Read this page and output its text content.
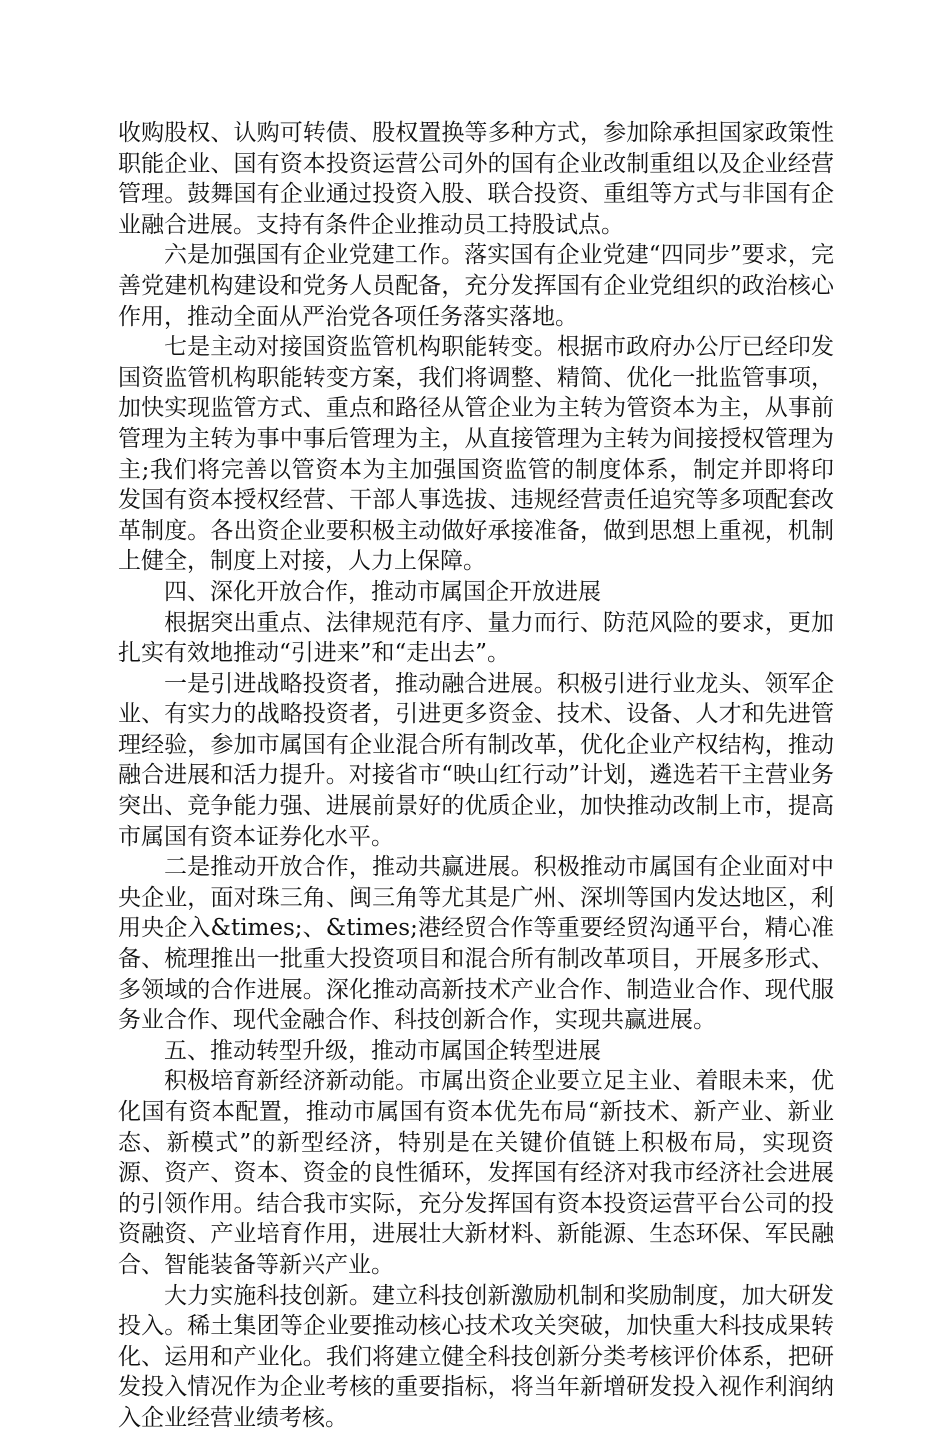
收购股权、认购可转债、股权置换等多种方式，参加除承担国家政策性职能企业、国有资本投资运营公司外的国有企业改制重组以及企业经营管理。鼓舞国有企业通过投资入股、联合投资、重组等方式与非国有企业融合进展。支持有条件企业推动员工持股试点。

六是加强国有企业党建工作。落实国有企业党建“四同步”要求，完善党建机构建设和党务人员配备，充分发挥国有企业党组织的政治核心作用，推动全面从严治党各项任务落实落地。

七是主动对接国资监管机构职能转变。根据市政府办公厅已经印发国资监管机构职能转变方案，我们将调整、精简、优化一批监管事项，加快实现监管方式、重点和路径从管企业为主转为管资本为主，从事前管理为主转为事中事后管理为主，从直接管理为主转为间接授权管理为主;我们将完善以管资本为主加强国资监管的制度体系，制定并即将印发国有资本授权经营、干部人事选拔、违规经营责任追究等多项配套改革制度。各出资企业要积极主动做好承接准备，做到思想上重视，机制上健全，制度上对接，人力上保障。

四、深化开放合作，推动市属国企开放进展

根据突出重点、法律规范有序、量力而行、防范风险的要求，更加扎实有效地推动“引进来”和“走出去”。

一是引进战略投资者，推动融合进展。积极引进行业龙头、领军企业、有实力的战略投资者，引进更多资金、技术、设备、人才和先进管理经验，参加市属国有企业混合所有制改革，优化企业产权结构，推动融合进展和活力提升。对接省市“映山红行动”计划，遴选若干主营业务突出、竞争能力强、进展前景好的优质企业，加快推动改制上市，提高市属国有资本证券化水平。

二是推动开放合作，推动共赢进展。积极推动市属国有企业面对中央企业，面对珠三角、闽三角等尤其是广州、深圳等国内发达地区，利用央企入&times;、&times;港经贸合作等重要经贸沟通平台，精心准备、梳理推出一批重大投资项目和混合所有制改革项目，开展多形式、多领域的合作进展。深化推动高新技术产业合作、制造业合作、现代服务业合作、现代金融合作、科技创新合作，实现共赢进展。

五、推动转型升级，推动市属国企转型进展

积极培育新经济新动能。市属出资企业要立足主业、着眼未来，优化国有资本配置，推动市属国有资本优先布局“新技术、新产业、新业态、新模式”的新型经济，特别是在关键价值链上积极布局，实现资源、资产、资本、资金的良性循环，发挥国有经济对我市经济社会进展的引领作用。结合我市实际，充分发挥国有资本投资运营平台公司的投资融资、产业培育作用，进展壮大新材料、新能源、生态环保、军民融合、智能装备等新兴产业。

大力实施科技创新。建立科技创新激励机制和奖励制度，加大研发投入。稀土集团等企业要推动核心技术攻关突破，加快重大科技成果转化、运用和产业化。我们将建立健全科技创新分类考核评价体系，把研发投入情况作为企业考核的重要指标，将当年新增研发投入视作利润纳入企业经营业绩考核。
